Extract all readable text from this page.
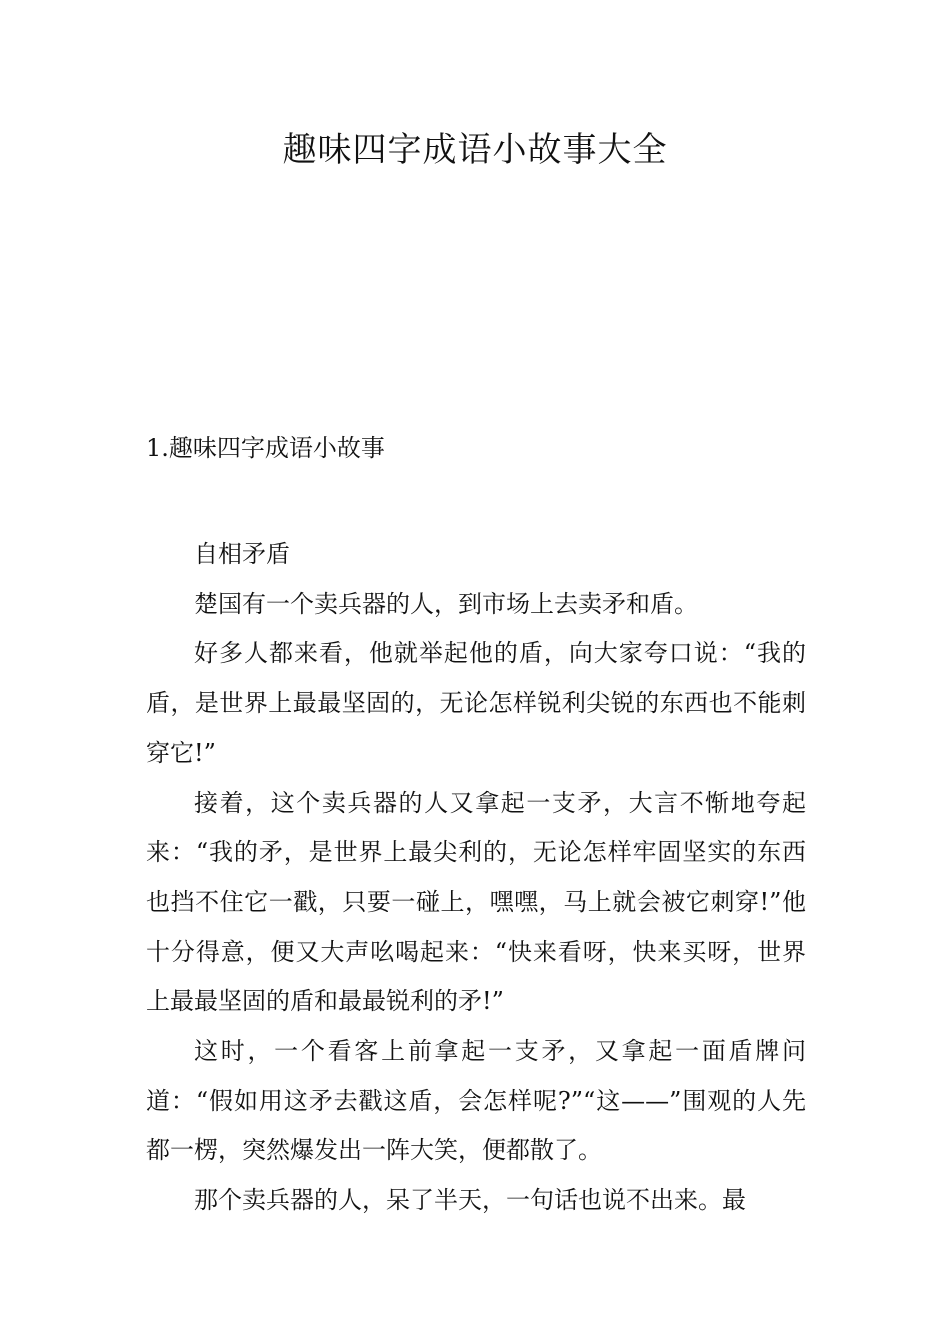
趣味四字成语小故事大全
1.趣味四字成语小故事

自相矛盾

楚国有一个卖兵器的人，到市场上去卖矛和盾。

好多人都来看，他就举起他的盾，向大家夸口说：“我的盾，是世界上最最坚固的，无论怎样锐利尖锐的东西也不能刺穿它!”

接着，这个卖兵器的人又拿起一支矛，大言不惭地夸起来：“我的矛，是世界上最尖利的，无论怎样牢固坚实的东西也挡不住它一戳，只要一碰上，嘿嘿，马上就会被它刺穿!”他十分得意，便又大声吆喝起来：“快来看呀，快来买呀，世界上最最坚固的盾和最最锐利的矛!”

这时，一个看客上前拿起一支矛，又拿起一面盾牌问道：“假如用这矛去戳这盾，会怎样呢?”“这——”围观的人先都一楞，突然爆发出一阵大笑，便都散了。

那个卖兵器的人，呆了半天，一句话也说不出来。最
